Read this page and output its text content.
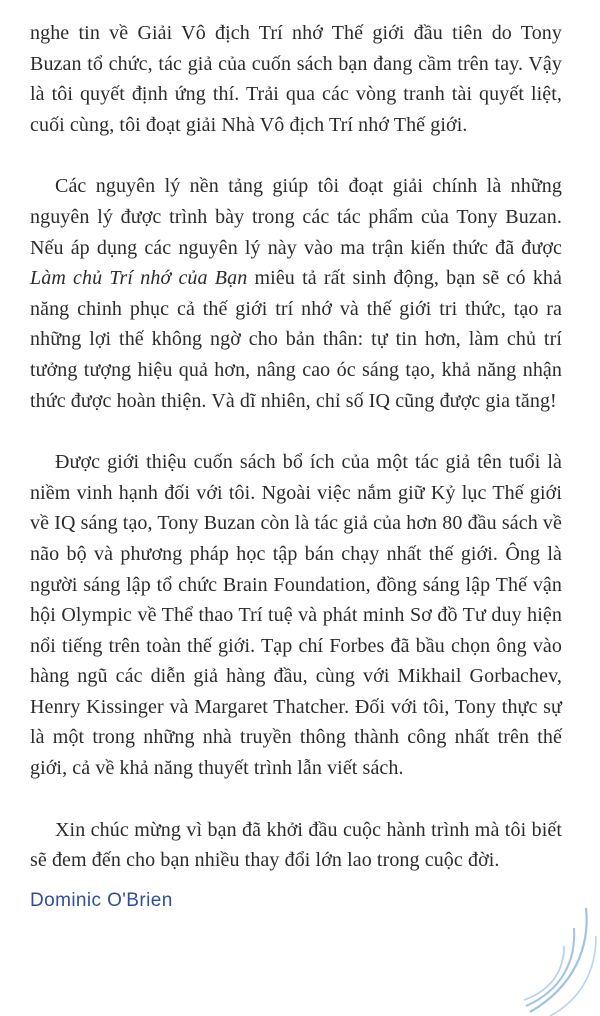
nghe tin về Giải Vô địch Trí nhớ Thế giới đầu tiên do Tony Buzan tổ chức, tác giả của cuốn sách bạn đang cầm trên tay. Vậy là tôi quyết định ứng thí. Trải qua các vòng tranh tài quyết liệt, cuối cùng, tôi đoạt giải Nhà Vô địch Trí nhớ Thế giới.

Các nguyên lý nền tảng giúp tôi đoạt giải chính là những nguyên lý được trình bày trong các tác phẩm của Tony Buzan. Nếu áp dụng các nguyên lý này vào ma trận kiến thức đã được Làm chủ Trí nhớ của Bạn miêu tả rất sinh động, bạn sẽ có khả năng chinh phục cả thế giới trí nhớ và thế giới tri thức, tạo ra những lợi thế không ngờ cho bản thân: tự tin hơn, làm chủ trí tưởng tượng hiệu quả hơn, nâng cao óc sáng tạo, khả năng nhận thức được hoàn thiện. Và dĩ nhiên, chỉ số IQ cũng được gia tăng!

Được giới thiệu cuốn sách bổ ích của một tác giả tên tuổi là niềm vinh hạnh đối với tôi. Ngoài việc nắm giữ Kỷ lục Thế giới về IQ sáng tạo, Tony Buzan còn là tác giả của hơn 80 đầu sách về não bộ và phương pháp học tập bán chạy nhất thế giới. Ông là người sáng lập tổ chức Brain Foundation, đồng sáng lập Thế vận hội Olympic về Thể thao Trí tuệ và phát minh Sơ đồ Tư duy hiện nổi tiếng trên toàn thế giới. Tạp chí Forbes đã bầu chọn ông vào hàng ngũ các diễn giả hàng đầu, cùng với Mikhail Gorbachev, Henry Kissinger và Margaret Thatcher. Đối với tôi, Tony thực sự là một trong những nhà truyền thông thành công nhất trên thế giới, cả về khả năng thuyết trình lẫn viết sách.

Xin chúc mừng vì bạn đã khởi đầu cuộc hành trình mà tôi biết sẽ đem đến cho bạn nhiều thay đổi lớn lao trong cuộc đời.

Dominic O'Brien
